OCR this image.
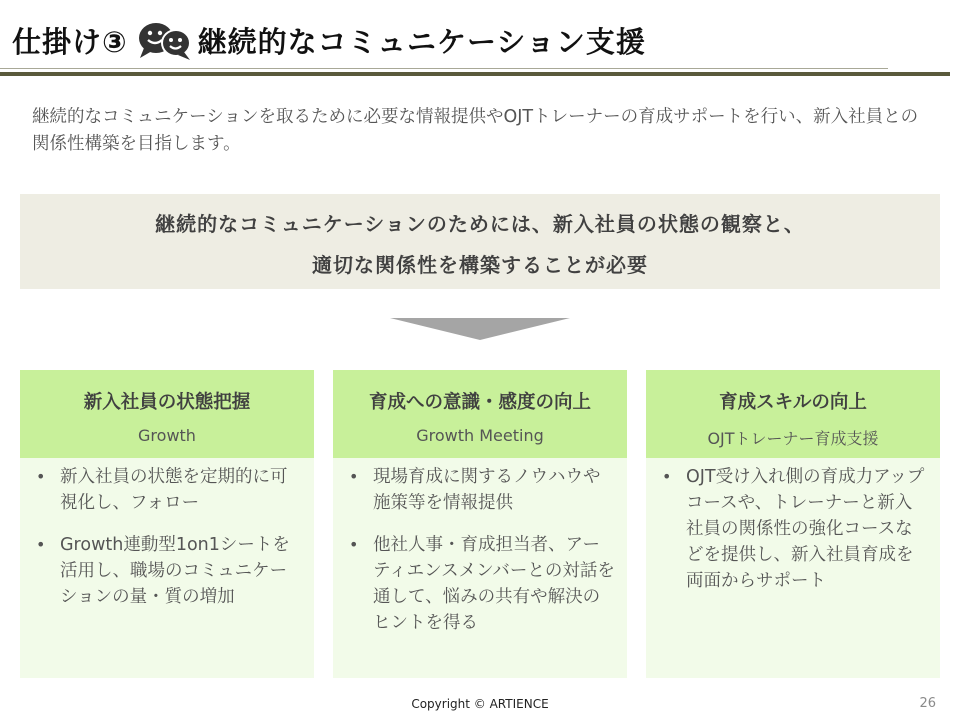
仕掛け③ 継続的なコミュニケーション支援
継続的なコミュニケーションを取るために必要な情報提供やOJTトレーナーの育成サポートを行い、新入社員との関係性構築を目指します。
継続的なコミュニケーションのためには、新入社員の状態の観察と、
適切な関係性を構築することが必要
新入社員の状態把握
Growth
• 新入社員の状態を定期的に可視化し、フォロー
• Growth連動型1on1シートを活用し、職場のコミュニケーションの量・質の増加
育成への意識・感度の向上
Growth Meeting
• 現場育成に関するノウハウや施策等を情報提供
• 他社人事・育成担当者、アーティエンスメンバーとの対話を通して、悩みの共有や解決のヒントを得る
育成スキルの向上
OJTトレーナー育成支援
• OJT受け入れ側の育成力アップコースや、トレーナーと新入社員の関係性の強化コースなどを提供し、新入社員育成を両面からサポート
Copyright © ARTIENCE	26
